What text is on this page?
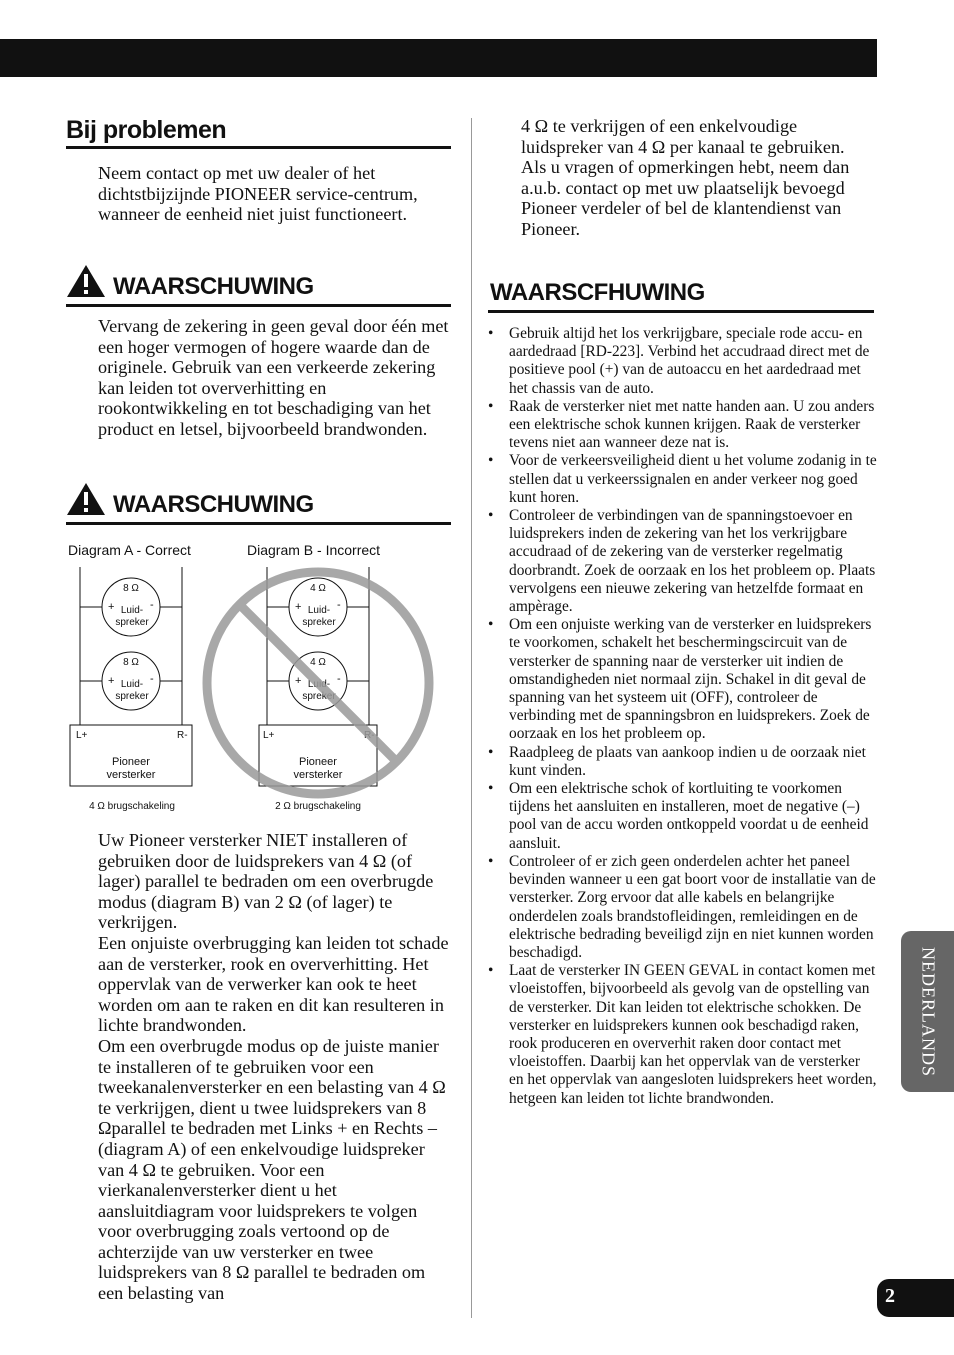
Bij problemen

Neem contact op met uw dealer of het dichtstbijzijnde PIONEER service-centrum, wanneer de eenheid niet juist functioneert.

WAARSCHUWING

Vervang de zekering in geen geval door één met een hoger vermogen of hogere waarde dan de originele. Gebruik van een verkeerde zekering kan leiden tot oververhitting en rookontwikkeling en tot beschadiging van het product en letsel, bijvoorbeeld brandwonden.

WAARSCHUWING
Diagram A - Correct
8 Ω
+	-
Luid-
spreker
8 Ω
+	-
Luid-
spreker
L+	R-
Pioneer
versterker
4 Ω brugschakeling
Diagram B - Incorrect
4 Ω
+	-
Luid-
spreker
4 Ω
+	-
Luid-
spreker
L+	R-
Pioneer
versterker
2 Ω brugschakeling

Uw Pioneer versterker NIET installeren of gebruiken door de luidsprekers van 4 Ω (of lager) parallel te bedraden om een overbrugde modus (diagram B) van 2 Ω (of lager) te verkrijgen.

Een onjuiste overbrugging kan leiden tot schade aan de versterker, rook en oververhitting. Het oppervlak van de verwerker kan ook te heet worden om aan te raken en dit kan resulteren in lichte brandwonden.

Om een overbrugde modus op de juiste manier te installeren of te gebruiken voor een tweekanalenversterker en een belasting van 4 Ω te verkrijgen, dient u twee luidsprekers van 8 Ωparallel te bedraden met Links + en Rechts – (diagram A) of een enkelvoudige luidspreker van 4 Ω te gebruiken. Voor een vierkanalenversterker dient u het aansluitdiagram voor luidsprekers te volgen voor overbrugging zoals vertoond op de achterzijde van uw versterker en twee luidsprekers van 8 Ω parallel te bedraden om een belasting van

4 Ω te verkrijgen of een enkelvoudige luidspreker van 4 Ω per kanaal te gebruiken.

Als u vragen of opmerkingen hebt, neem dan a.u.b. contact op met uw plaatselijk bevoegd Pioneer verdeler of bel de klantendienst van Pioneer.

WAARSCFHUWING
• Gebruik altijd het los verkrijgbare, speciale rode accu- en aardedraad [RD-223]. Verbind het accudraad direct met de positieve pool (+) van de autoaccu en het aardedraad met het chassis van de auto.
• Raak de versterker niet met natte handen aan. U zou anders een elektrische schok kunnen krijgen. Raak de versterker tevens niet aan wanneer deze nat is.
• Voor de verkeersveiligheid dient u het volume zodanig in te stellen dat u verkeerssignalen en ander verkeer nog goed kunt horen.
• Controleer de verbindingen van de spanningstoevoer en luidsprekers inden de zekering van het los verkrijgbare accudraad of de zekering van de versterker regelmatig doorbrandt. Zoek de oorzaak en los het probleem op. Plaats vervolgens een nieuwe zekering van hetzelfde formaat en ampèrage.
• Om een onjuiste werking van de versterker en luidsprekers te voorkomen, schakelt het beschermingscircuit van de versterker de spanning naar de versterker uit indien de omstandigheden niet normaal zijn. Schakel in dit geval de spanning van het systeem uit (OFF), controleer de verbinding met de spanningsbron en luidsprekers. Zoek de oorzaak en los het probleem op.
• Raadpleeg de plaats van aankoop indien u de oorzaak niet kunt vinden.
• Om een elektrische schok of kortluiting te voorkomen tijdens het aansluiten en installeren, moet de negative (–) pool van de accu worden ontkoppeld voordat u de eenheid aansluit.
• Controleer of er zich geen onderdelen achter het paneel bevinden wanneer u een gat boort voor de installatie van de versterker. Zorg ervoor dat alle kabels en belangrijke onderdelen zoals brandstofleidingen, remleidingen en de elektrische bedrading beveiligd zijn en niet kunnen worden beschadigd.
• Laat de versterker IN GEEN GEVAL in contact komen met vloeistoffen, bijvoorbeeld als gevolg van de opstelling van de versterker. Dit kan leiden tot elektrische schokken. De versterker en luidsprekers kunnen ook beschadigd raken, rook produceren en oververhit raken door contact met vloeistoffen. Daarbij kan het oppervlak van de versterker en het oppervlak van aangesloten luidsprekers heet worden, hetgeen kan leiden tot lichte brandwonden.
NEDERLANDS
2
